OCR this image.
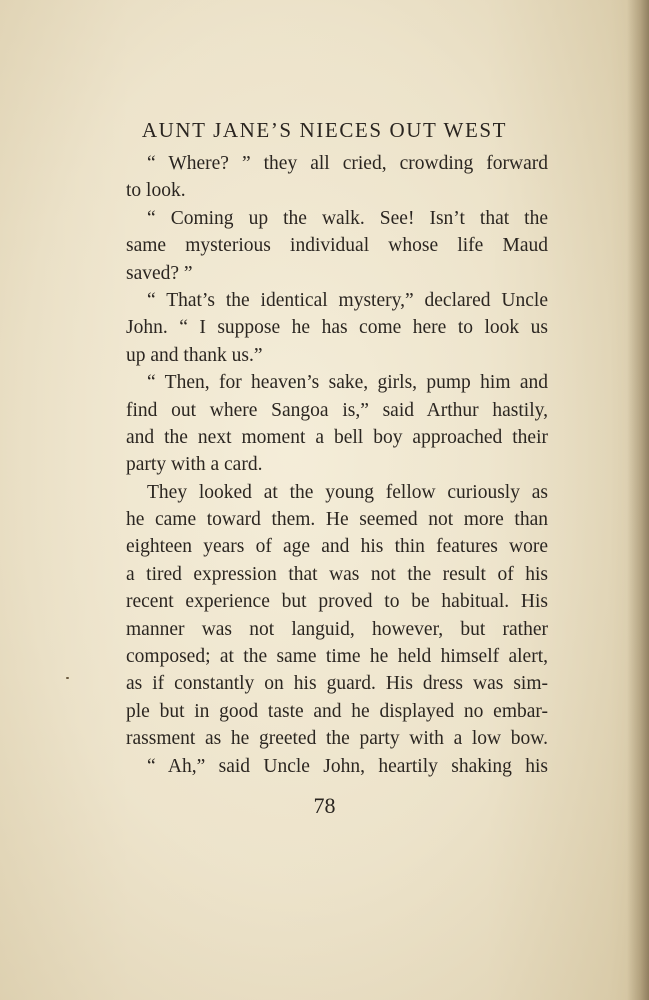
AUNT JANE’S NIECES OUT WEST
“ Where? ” they all cried, crowding forward
to look.
“ Coming up the walk. See! Isn’t that the
same mysterious individual whose life Maud
saved? ”
“ That’s the identical mystery,” declared Uncle
John. “ I suppose he has come here to look us
up and thank us.”
“ Then, for heaven’s sake, girls, pump him and
find out where Sangoa is,” said Arthur hastily,
and the next moment a bell boy approached their
party with a card.
They looked at the young fellow curiously as
he came toward them. He seemed not more than
eighteen years of age and his thin features wore
a tired expression that was not the result of his
recent experience but proved to be habitual. His
manner was not languid, however, but rather
composed; at the same time he held himself alert,
as if constantly on his guard. His dress was sim-
ple but in good taste and he displayed no embar-
rassment as he greeted the party with a low bow.
“ Ah,” said Uncle John, heartily shaking his
78
